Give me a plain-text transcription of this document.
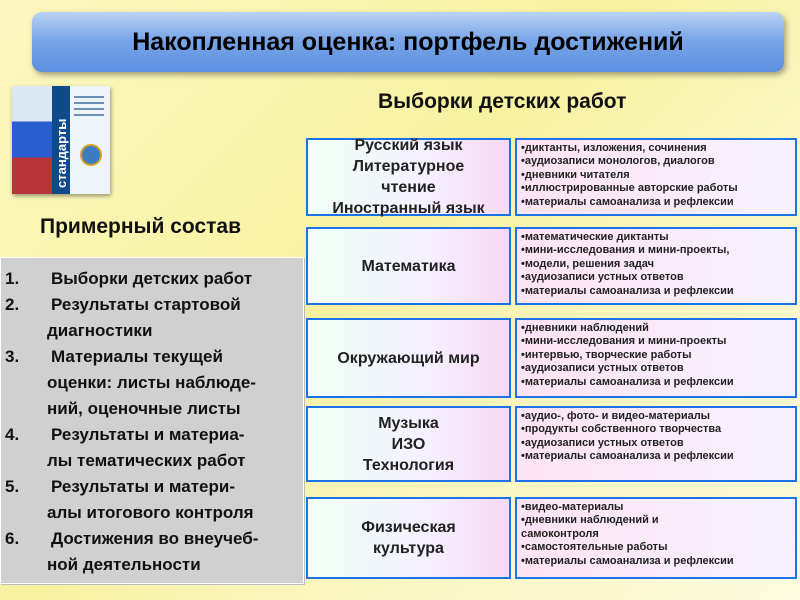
Накопленная оценка: портфель достижений
стандарты
Выборки детских работ
Примерный состав
1. Выборки детских работ
2. Результаты стартовой
диагностики
3. Материалы текущей
оценки: листы наблюде-
ний, оценочные листы
4. Результаты и материа-
лы тематических работ
5. Результаты и матери-
алы итогового контроля
6. Достижения во внеучеб-
ной деятельности
Русский язык
Литературное
чтение
Иностранный язык
•диктанты, изложения, сочинения
•аудиозаписи монологов, диалогов
•дневники читателя
•иллюстрированные авторские работы
•материалы самоанализа и рефлексии
Математика
•математические диктанты
•мини-исследования и мини-проекты,
•модели, решения задач
•аудиозаписи устных ответов
•материалы самоанализа и рефлексии
Окружающий мир
•дневники наблюдений
•мини-исследования и мини-проекты
•интервью, творческие работы
•аудиозаписи устных ответов
•материалы самоанализа и рефлексии
Музыка
ИЗО
Технология
•аудио-, фото- и видео-материалы
•продукты собственного творчества
•аудиозаписи устных ответов
•материалы самоанализа и рефлексии
Физическая
культура
•видео-материалы
•дневники наблюдений и
самоконтроля
•самостоятельные работы
•материалы самоанализа и рефлексии
